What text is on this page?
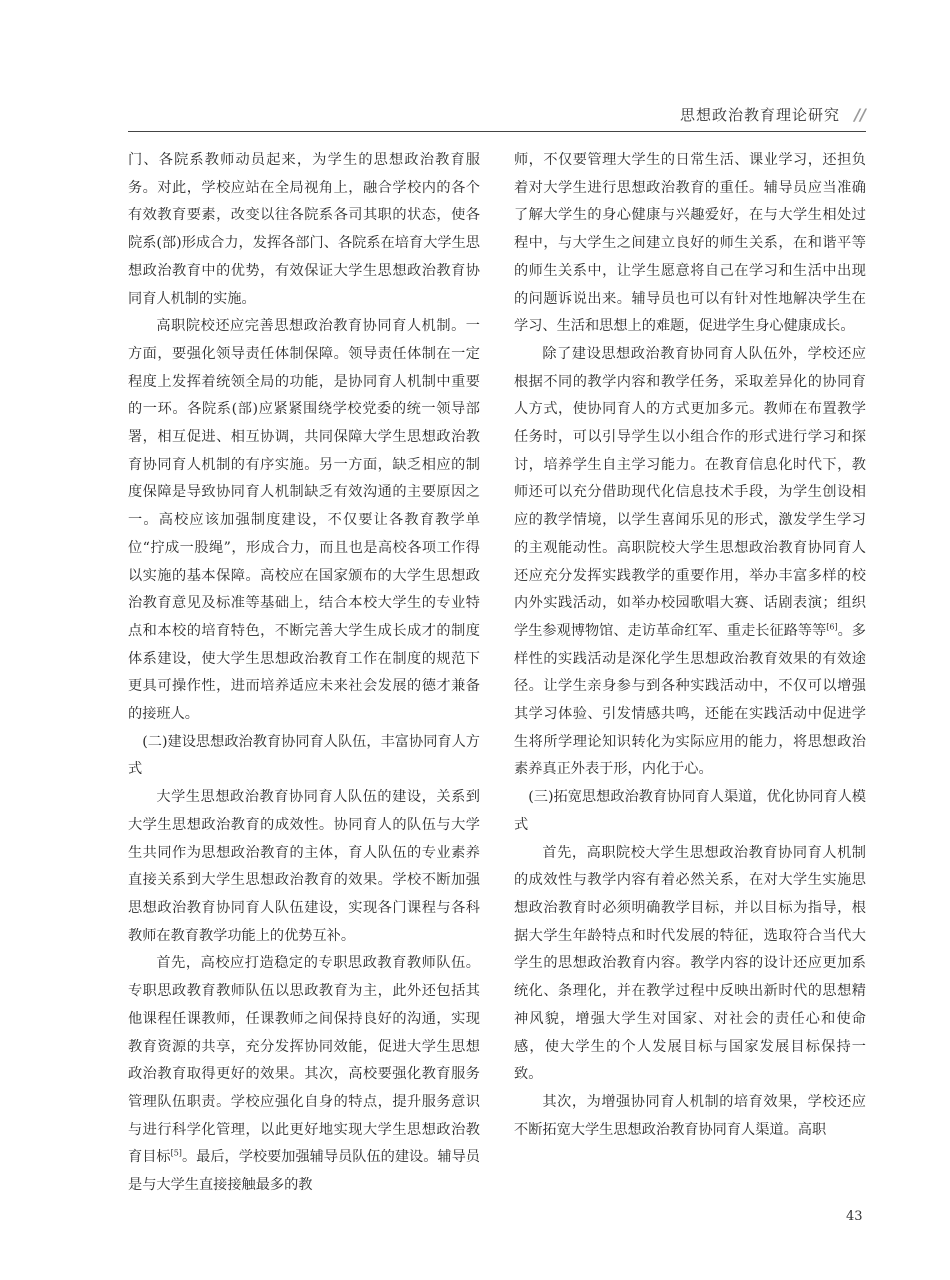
思想政治教育理论研究 //

门、各院系教师动员起来，为学生的思想政治教育服务。对此，学校应站在全局视角上，融合学校内的各个有效教育要素，改变以往各院系各司其职的状态，使各院系(部)形成合力，发挥各部门、各院系在培育大学生思想政治教育中的优势，有效保证大学生思想政治教育协同育人机制的实施。

高职院校还应完善思想政治教育协同育人机制。一方面，要强化领导责任体制保障。领导责任体制在一定程度上发挥着统领全局的功能，是协同育人机制中重要的一环。各院系(部)应紧紧围绕学校党委的统一领导部署，相互促进、相互协调，共同保障大学生思想政治教育协同育人机制的有序实施。另一方面，缺乏相应的制度保障是导致协同育人机制缺乏有效沟通的主要原因之一。高校应该加强制度建设，不仅要让各教育教学单位“拧成一股绳”，形成合力，而且也是高校各项工作得以实施的基本保障。高校应在国家颁布的大学生思想政治教育意见及标准等基础上，结合本校大学生的专业特点和本校的培育特色，不断完善大学生成长成才的制度体系建设，使大学生思想政治教育工作在制度的规范下更具可操作性，进而培养适应未来社会发展的德才兼备的接班人。

(二)建设思想政治教育协同育人队伍，丰富协同育人方式

大学生思想政治教育协同育人队伍的建设，关系到大学生思想政治教育的成效性。协同育人的队伍与大学生共同作为思想政治教育的主体，育人队伍的专业素养直接关系到大学生思想政治教育的效果。学校不断加强思想政治教育协同育人队伍建设，实现各门课程与各科教师在教育教学功能上的优势互补。

首先，高校应打造稳定的专职思政教育教师队伍。专职思政教育教师队伍以思政教育为主，此外还包括其他课程任课教师，任课教师之间保持良好的沟通，实现教育资源的共享，充分发挥协同效能，促进大学生思想政治教育取得更好的效果。其次，高校要强化教育服务管理队伍职责。学校应强化自身的特点，提升服务意识与进行科学化管理，以此更好地实现大学生思想政治教育目标[5]。最后，学校要加强辅导员队伍的建设。辅导员是与大学生直接接触最多的教

师，不仅要管理大学生的日常生活、课业学习，还担负着对大学生进行思想政治教育的重任。辅导员应当准确了解大学生的身心健康与兴趣爱好，在与大学生相处过程中，与大学生之间建立良好的师生关系，在和谐平等的师生关系中，让学生愿意将自己在学习和生活中出现的问题诉说出来。辅导员也可以有针对性地解决学生在学习、生活和思想上的难题，促进学生身心健康成长。

除了建设思想政治教育协同育人队伍外，学校还应根据不同的教学内容和教学任务，采取差异化的协同育人方式，使协同育人的方式更加多元。教师在布置教学任务时，可以引导学生以小组合作的形式进行学习和探讨，培养学生自主学习能力。在教育信息化时代下，教师还可以充分借助现代化信息技术手段，为学生创设相应的教学情境，以学生喜闻乐见的形式，激发学生学习的主观能动性。高职院校大学生思想政治教育协同育人还应充分发挥实践教学的重要作用，举办丰富多样的校内外实践活动，如举办校园歌唱大赛、话剧表演；组织学生参观博物馆、走访革命红军、重走长征路等等[6]。多样性的实践活动是深化学生思想政治教育效果的有效途径。让学生亲身参与到各种实践活动中，不仅可以增强其学习体验、引发情感共鸣，还能在实践活动中促进学生将所学理论知识转化为实际应用的能力，将思想政治素养真正外表于形，内化于心。

(三)拓宽思想政治教育协同育人渠道，优化协同育人模式

首先，高职院校大学生思想政治教育协同育人机制的成效性与教学内容有着必然关系，在对大学生实施思想政治教育时必须明确教学目标，并以目标为指导，根据大学生年龄特点和时代发展的特征，选取符合当代大学生的思想政治教育内容。教学内容的设计还应更加系统化、条理化，并在教学过程中反映出新时代的思想精神风貌，增强大学生对国家、对社会的责任心和使命感，使大学生的个人发展目标与国家发展目标保持一致。

其次，为增强协同育人机制的培育效果，学校还应不断拓宽大学生思想政治教育协同育人渠道。高职

43
